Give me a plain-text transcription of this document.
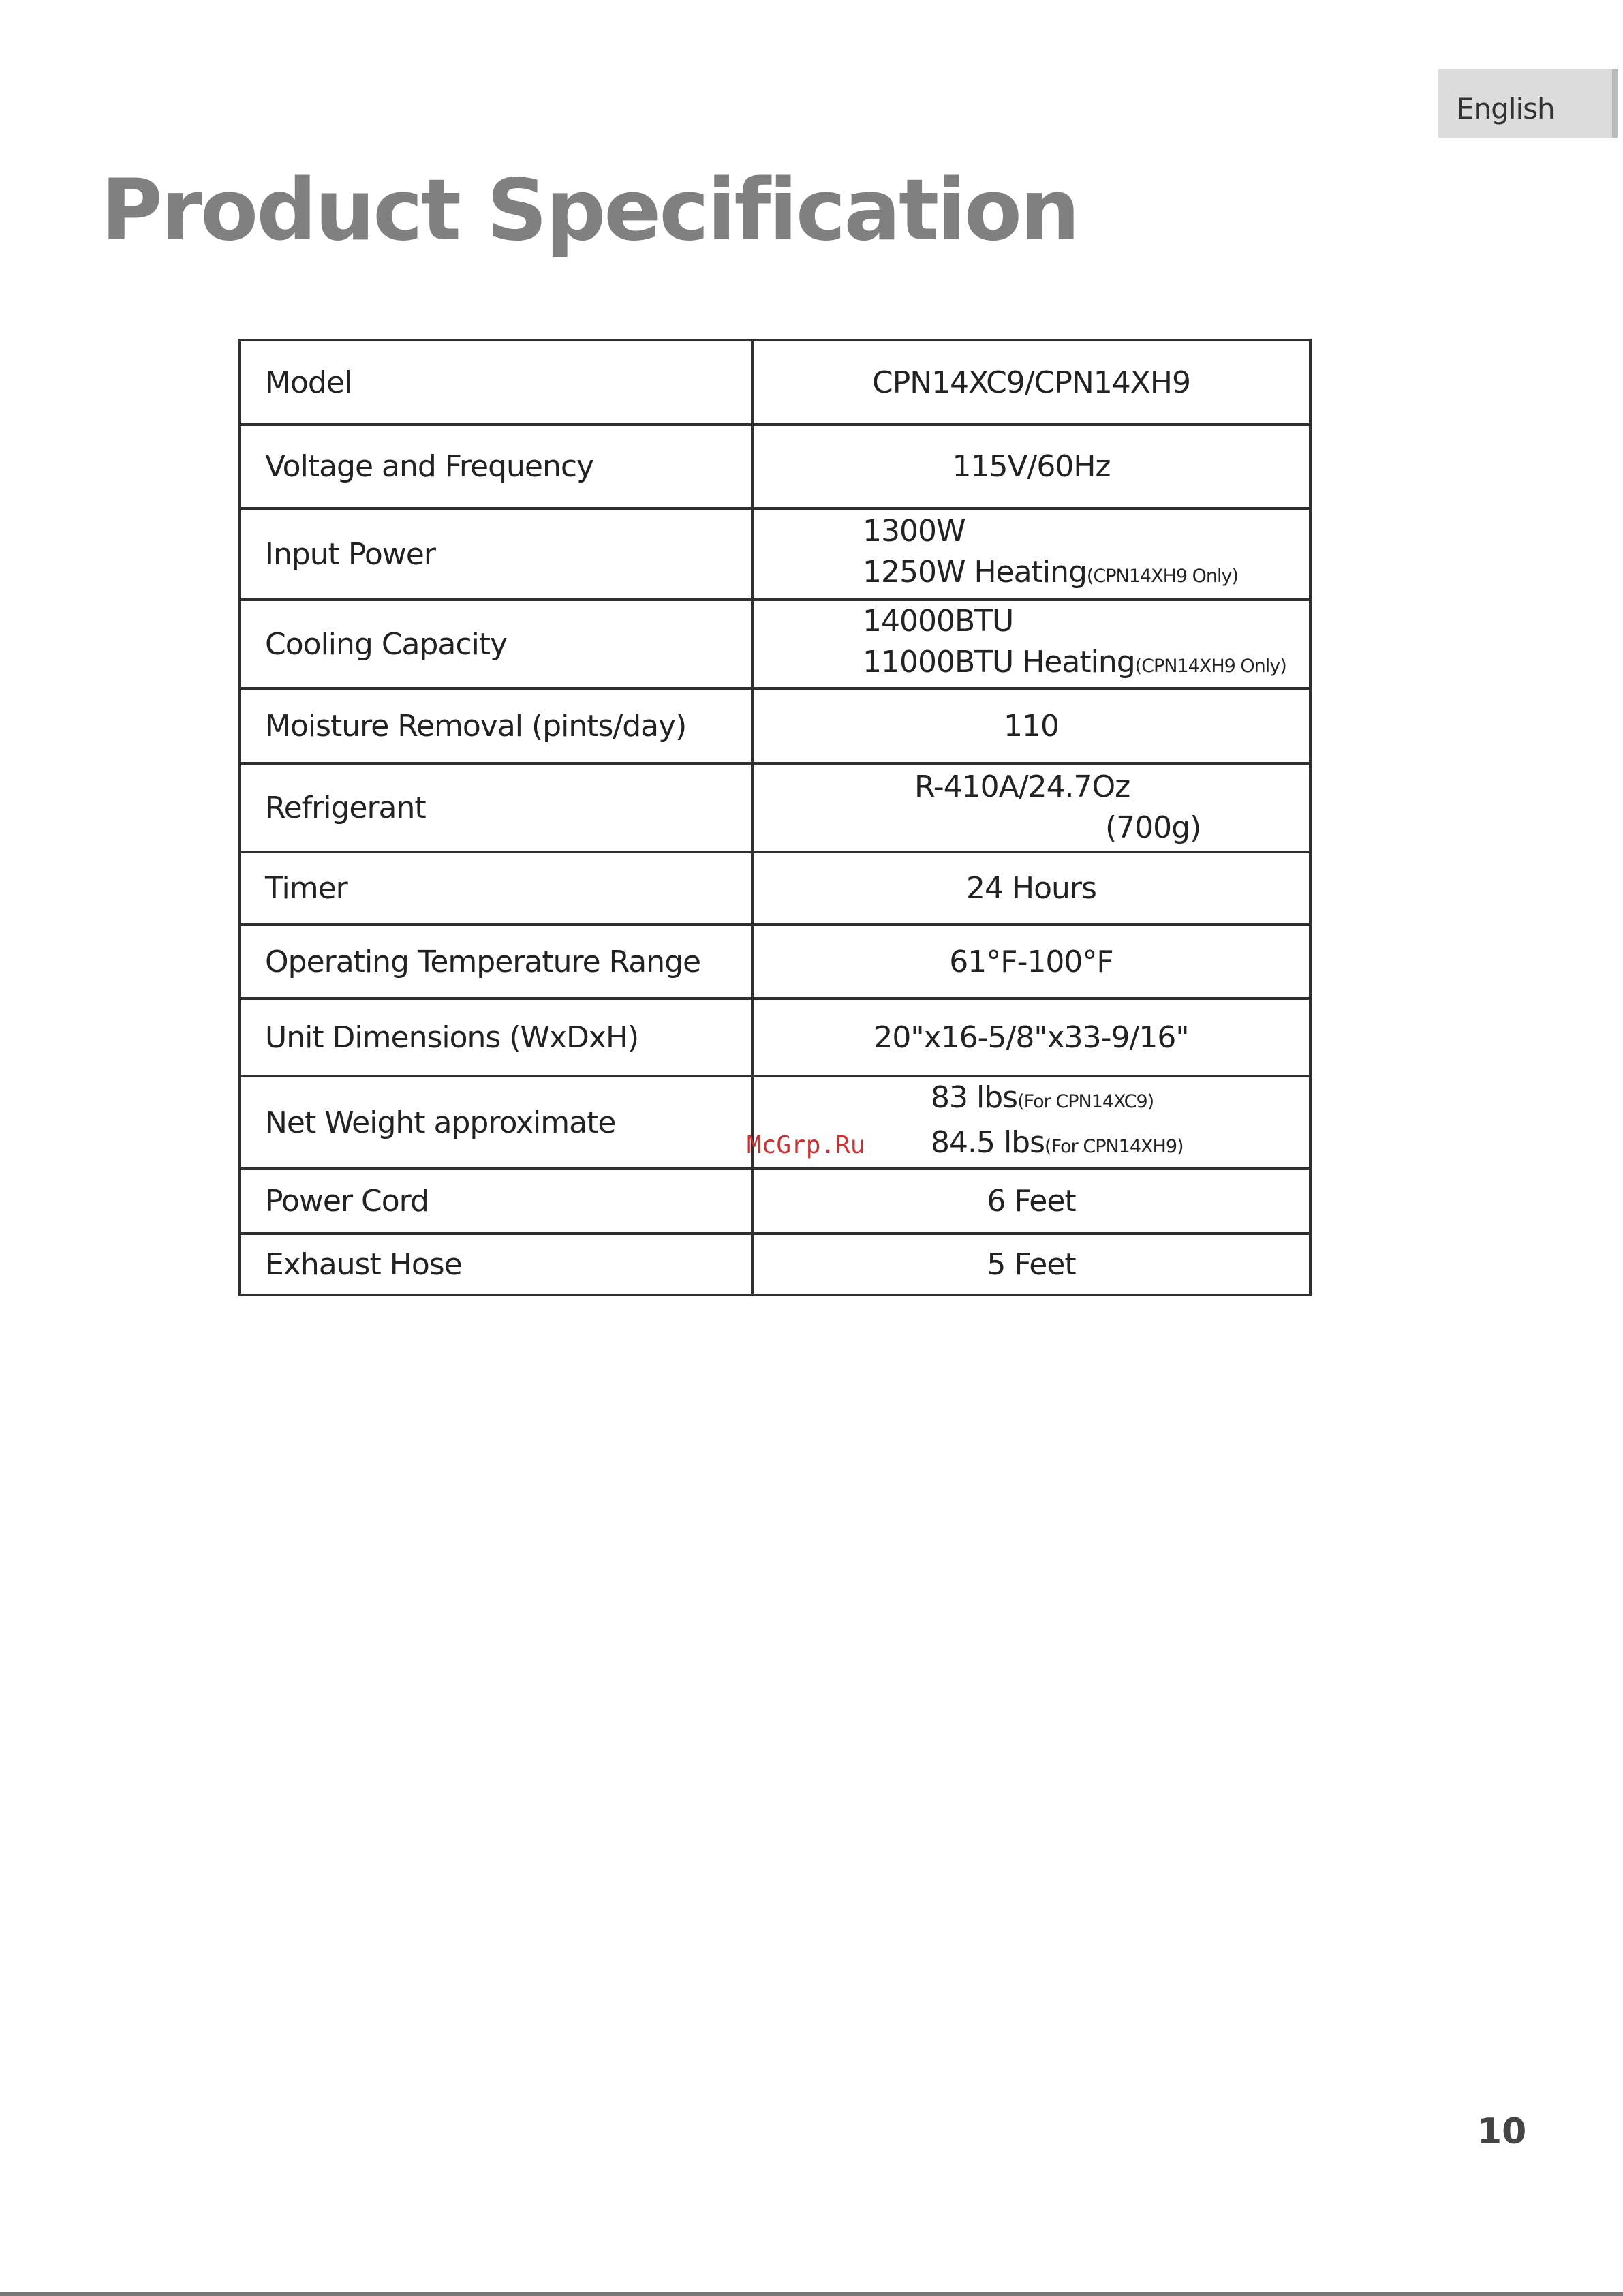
English
Product Specification
Model	CPN14XC9/CPN14XH9
Voltage and Frequency	115V/60Hz
Input Power	1300W
1250W Heating(CPN14XH9 Only)

Cooling Capacity	14000BTU
11000BTU Heating(CPN14XH9 Only)

Moisture Removal (pints/day)	110
Refrigerant	R-410A/24.7Oz
(700g)

Timer	24 Hours
Operating Temperature Range	61°F-100°F
Unit Dimensions (WxDxH)	20"x16-5/8"x33-9/16"
Net Weight approximate	83 lbs(For CPN14XC9)
84.5 lbs(For CPN14XH9)

Power Cord	6 Feet
Exhaust Hose	5 Feet
McGrp.Ru
10
